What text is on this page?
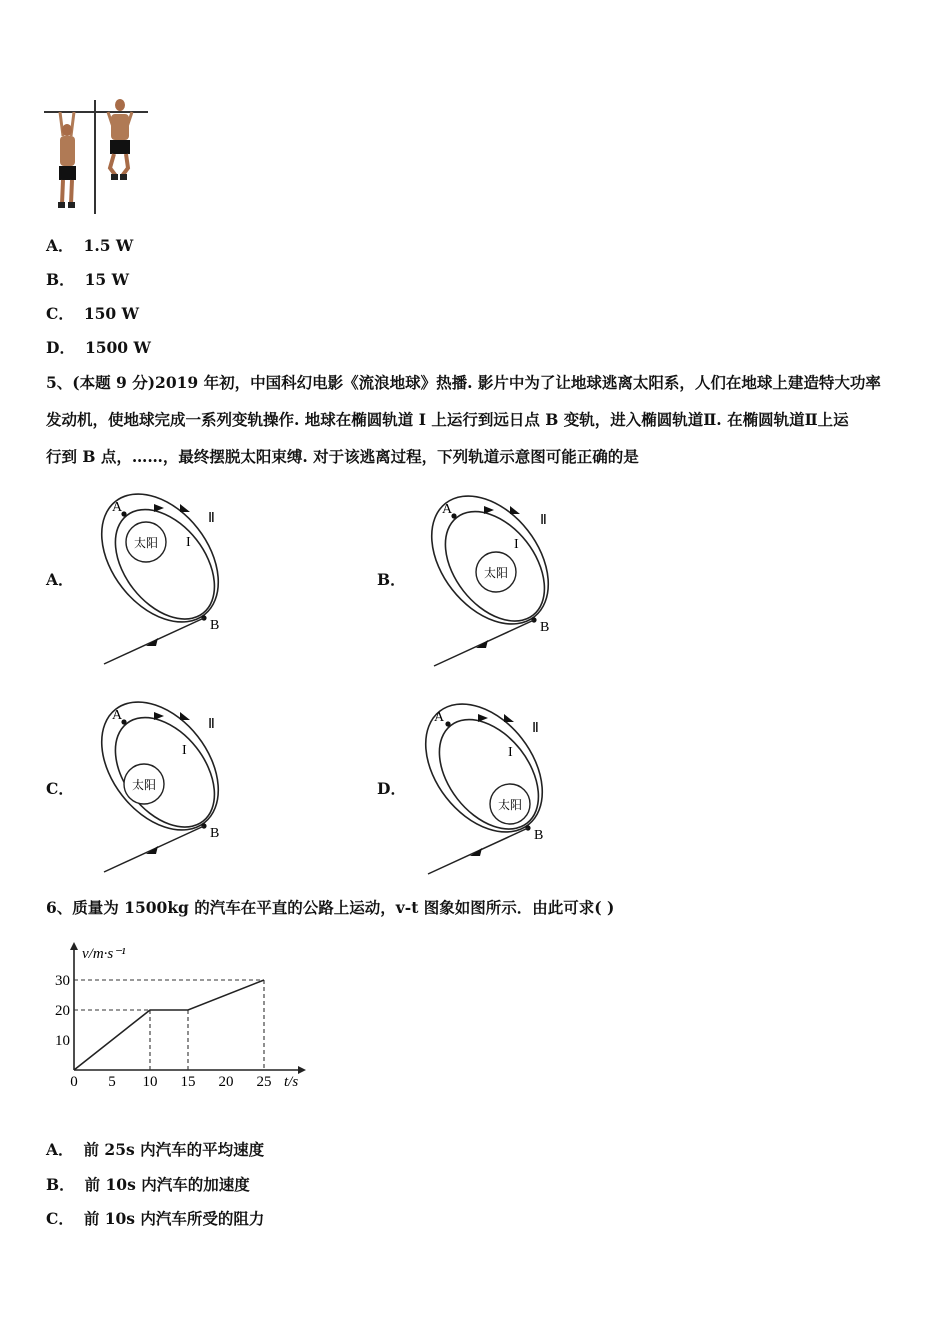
A． 1.5 W
B． 15 W
C． 150 W
D． 1500 W
5、(本题 9 分)2019 年初，中国科幻电影《流浪地球》热播. 影片中为了让地球逃离太阳系，人们在地球上建造特大功率
发动机，使地球完成一系列变轨操作. 地球在椭圆轨道 I 上运行到远日点 B 变轨，进入椭圆轨道Ⅱ. 在椭圆轨道Ⅱ上运
行到 B 点，……，最终摆脱太阳束缚. 对于该逃离过程，下列轨道示意图可能正确的是
A．	B．
C．	D．
太阳
A
B
I
Ⅱ
太阳
A
B
I
Ⅱ
太阳
A
B
I
Ⅱ
太阳
A
B
I
Ⅱ
6、质量为 1500kg 的汽车在平直的公路上运动，v-t 图象如图所示．由此可求( )
v/m·s⁻¹
t/s
0 5 10 15 20 25
10
20
30
A． 前 25s 内汽车的平均速度
B． 前 10s 内汽车的加速度
C． 前 10s 内汽车所受的阻力
